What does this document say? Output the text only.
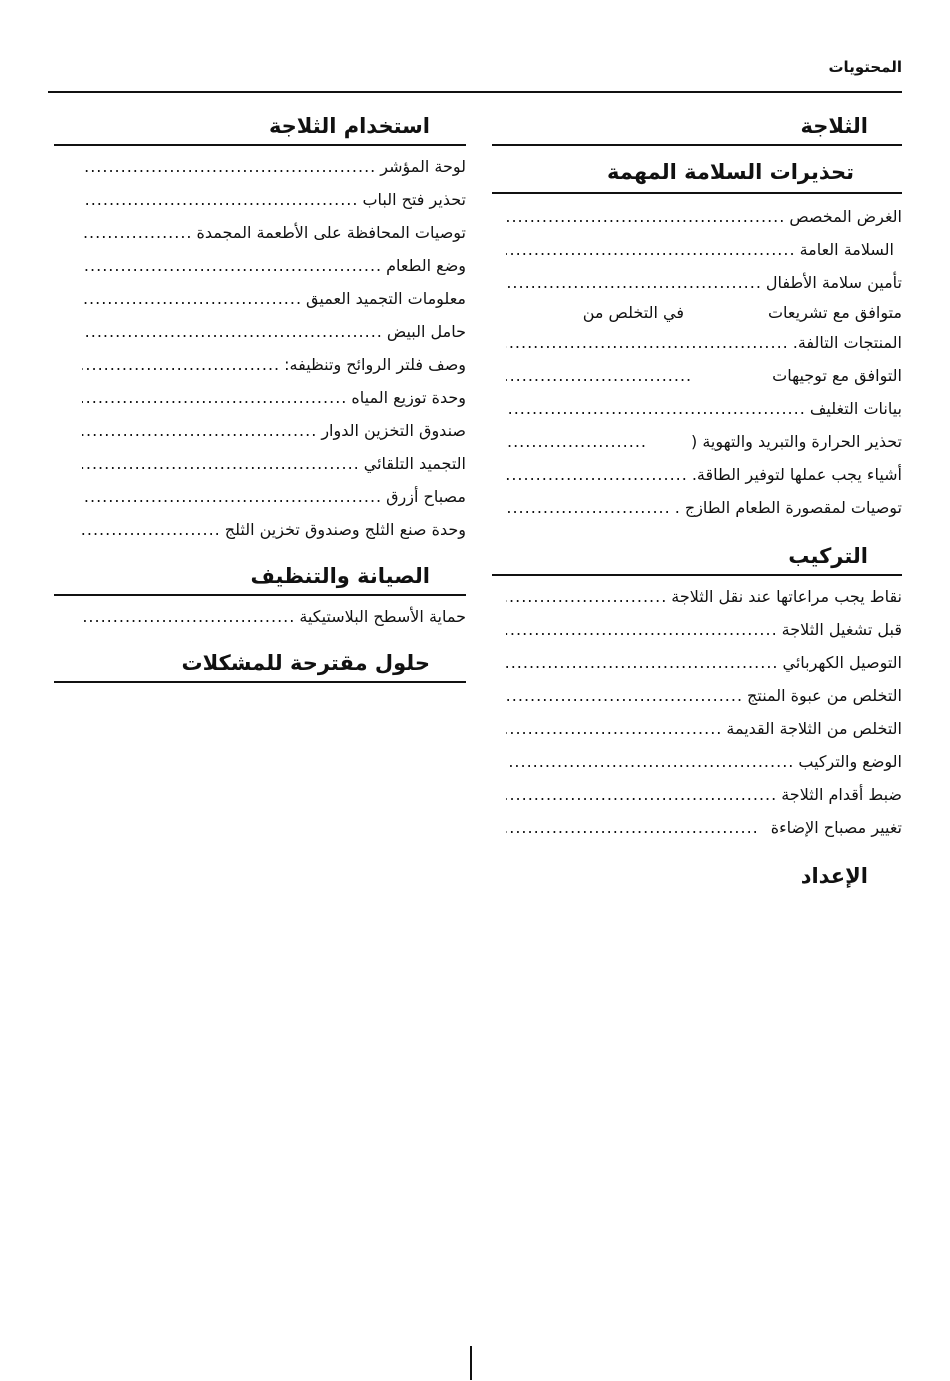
المحتويات
الثلاجة
تحذيرات السلامة المهمة
الغرض المخصص
.....
السلامة العامة
.....
تأمين سلامة الأطفال
.....
متوافق مع تشريعاتفي التخلص من
المنتجات التالفة.
.....
التوافق مع توجيهات
.....
بيانات التغليف
.....
تحذير الحرارة والتبريد والتهوية (
.....
أشياء يجب عملها لتوفير الطاقة.
.....
توصيات لمقصورة الطعام الطازج .
.....
التركيب
نقاط يجب مراعاتها عند نقل الثلاجة
.....
قبل تشغيل الثلاجة
.....
التوصيل الكهربائي
.....
التخلص من عبوة المنتج
.....
التخلص من الثلاجة القديمة
.....
الوضع والتركيب
.....
ضبط أقدام الثلاجة
.....
تغيير مصباح الإضاءة
.....
الإعداد
استخدام الثلاجة
لوحة المؤشر
.....
تحذير فتح الباب
.....
توصيات المحافظة على الأطعمة المجمدة
.....
وضع الطعام
.....
معلومات التجميد العميق
.....
حامل البيض
.....
وصف فلتر الروائح وتنظيفه:
.....
وحدة توزيع المياه
.....
صندوق التخزين الدوار
.....
التجميد التلقائي
.....
مصباح أزرق
.....
وحدة صنع الثلج وصندوق تخزين الثلج
.....
الصيانة والتنظيف
حماية الأسطح البلاستيكية
.....
حلول مقترحة للمشكلات
